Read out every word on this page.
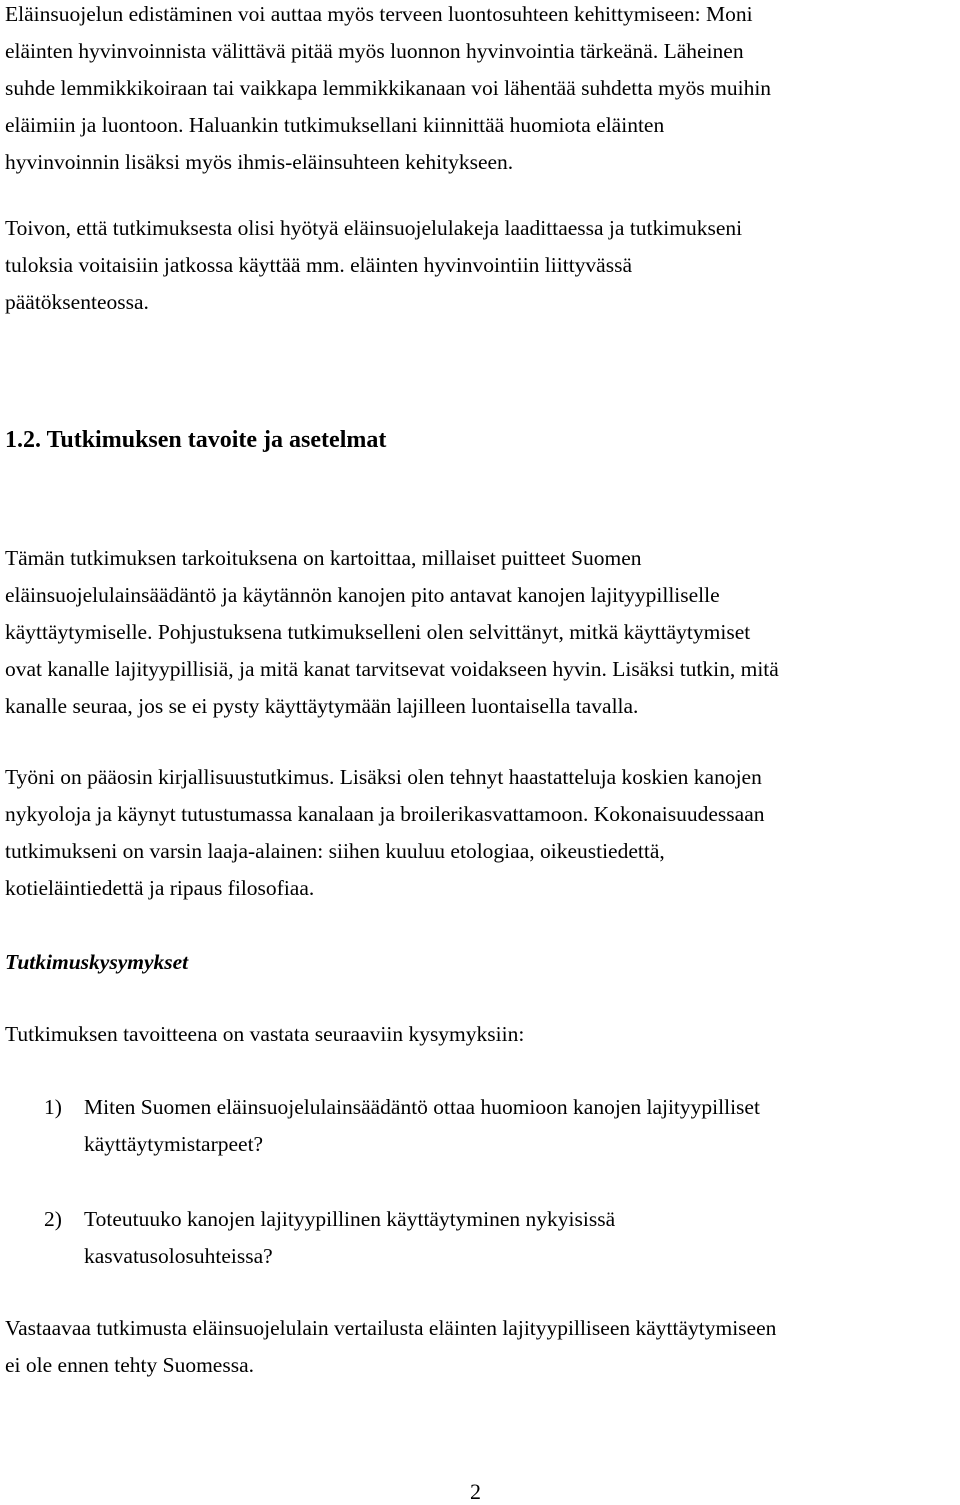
Eläinsuojelun edistäminen voi auttaa myös terveen luontosuhteen kehittymiseen: Moni
eläinten hyvinvoinnista välittävä pitää myös luonnon hyvinvointia tärkeänä. Läheinen
suhde lemmikkikoiraan tai vaikkapa lemmikkikanaan voi lähentää suhdetta myös muihin
eläimiin ja luontoon. Haluankin tutkimuksellani kiinnittää huomiota eläinten
hyvinvoinnin lisäksi myös ihmis-eläinsuhteen kehitykseen.

Toivon, että tutkimuksesta olisi hyötyä eläinsuojelulakeja laadittaessa ja tutkimukseni
tuloksia voitaisiin jatkossa käyttää mm. eläinten hyvinvointiin liittyvässä
päätöksenteossa.

1.2. Tutkimuksen tavoite ja asetelmat

Tämän tutkimuksen tarkoituksena on kartoittaa, millaiset puitteet Suomen
eläinsuojelulainsäädäntö ja käytännön kanojen pito antavat kanojen lajityypilliselle
käyttäytymiselle. Pohjustuksena tutkimukselleni olen selvittänyt, mitkä käyttäytymiset
ovat kanalle lajityypillisiä, ja mitä kanat tarvitsevat voidakseen hyvin. Lisäksi tutkin, mitä
kanalle seuraa, jos se ei pysty käyttäytymään lajilleen luontaisella tavalla.

Työni on pääosin kirjallisuustutkimus. Lisäksi olen tehnyt haastatteluja koskien kanojen
nykyoloja ja käynyt tutustumassa kanalaan ja broilerikasvattamoon. Kokonaisuudessaan
tutkimukseni on varsin laaja-alainen: siihen kuuluu etologiaa, oikeustiedettä,
kotieläintiedettä ja ripaus filosofiaa.

Tutkimuskysymykset

Tutkimuksen tavoitteena on vastata seuraaviin kysymyksiin:

1) Miten Suomen eläinsuojelulainsäädäntö ottaa huomioon kanojen lajityypilliset
käyttäytymistarpeet?
2) Toteutuuko kanojen lajityypillinen käyttäytyminen nykyisissä
kasvatusolosuhteissa?

Vastaavaa tutkimusta eläinsuojelulain vertailusta eläinten lajityypilliseen käyttäytymiseen
ei ole ennen tehty Suomessa.

2
